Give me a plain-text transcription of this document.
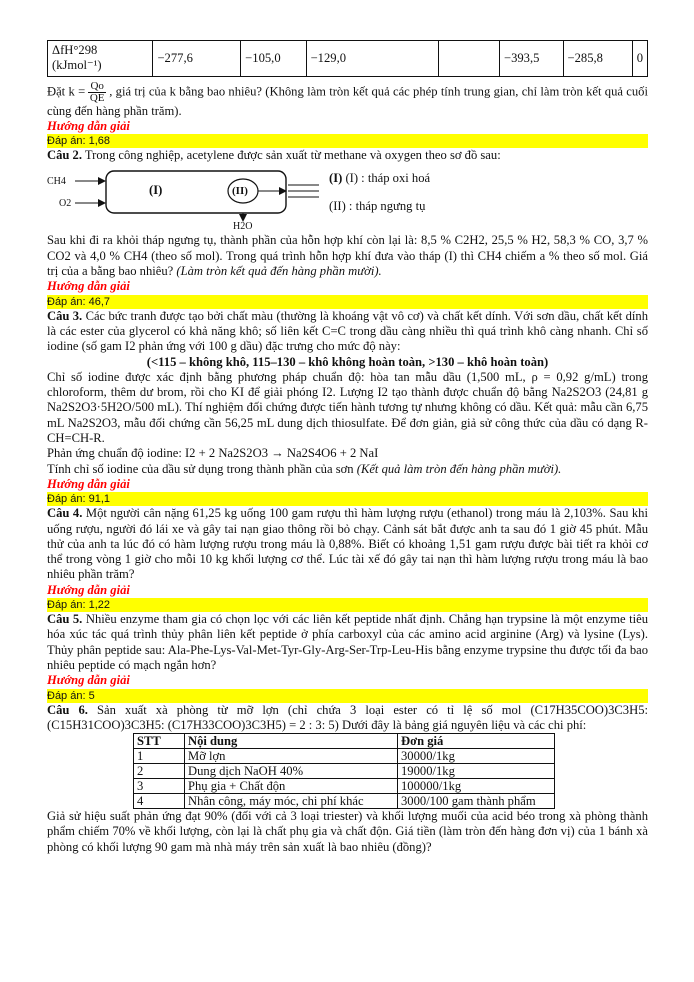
ΔfH°298 (kJmol⁻¹)	−277,6	−105,0	−129,0		−393,5	−285,8	0

Đặt $k = \frac{Qo}{QE}$ , giá trị của k bằng bao nhiêu? (Không làm tròn kết quả các phép tính trung gian, chỉ làm tròn kết quả cuối cùng đến hàng phần trăm).

Hướng dẫn giải
Đáp án: 1,68

Câu 2. Trong công nghiệp, acetylene được sản xuất từ methane và oxygen theo sơ đồ sau:

CH4
O2
(I)	(II)
H2O
(I) (I) : tháp oxi hoá
(II) : tháp ngưng tụ

Sau khi đi ra khỏi tháp ngưng tụ, thành phần của hỗn hợp khí còn lại là: 8,5 % C2H2, 25,5 % H2, 58,3 % CO, 3,7 % CO2 và 4,0 % CH4 (theo số mol). Trong quá trình hỗn hợp khí đưa vào tháp (I) thì CH4 chiếm a % theo số mol. Giá trị của a bằng bao nhiêu? (Làm tròn kết quả đến hàng phần mười).

Hướng dẫn giải
Đáp án: 46,7

Câu 3. Các bức tranh được tạo bởi chất màu (thường là khoáng vật vô cơ) và chất kết dính. Với sơn dầu, chất kết dính là các ester của glycerol có khả năng khô; số liên kết C=C trong dầu càng nhiều thì quá trình khô càng nhanh. Chỉ số iodine (số gam I2 phản ứng với 100 g dầu) đặc trưng cho mức độ này:

(<115 – không khô, 115–130 – khô không hoàn toàn, >130 – khô hoàn toàn)

Chỉ số iodine được xác định bằng phương pháp chuẩn độ: hòa tan mẫu dầu (1,500 mL, ρ = 0,92 g/mL) trong chloroform, thêm dư brom, rồi cho KI để giải phóng I2. Lượng I2 tạo thành được chuẩn độ bằng Na2S2O3 (24,81 g Na2S2O3·5H2O/500 mL). Thí nghiệm đối chứng được tiến hành tương tự nhưng không có dầu. Kết quả: mẫu cần 6,75 mL Na2S2O3, mẫu đối chứng cần 56,25 mL dung dịch thiosulfate. Để đơn giản, giả sử công thức của dầu có dạng R-CH=CH-R.

Phản ứng chuẩn độ iodine: I2 + 2 Na2S2O3 → Na2S4O6 + 2 NaI

Tính chỉ số iodine của dầu sử dụng trong thành phần của sơn (Kết quả làm tròn đến hàng phần mười).

Hướng dẫn giải
Đáp án: 91,1

Câu 4. Một người cân nặng 61,25 kg uống 100 gam rượu thì hàm lượng rượu (ethanol) trong máu là 2,103%. Sau khi uống rượu, người đó lái xe và gây tai nạn giao thông rồi bỏ chạy. Cảnh sát bắt được anh ta sau đó 1 giờ 45 phút. Mẫu thử của anh ta lúc đó có hàm lượng rượu trong máu là 0,88%. Biết có khoảng 1,51 gam rượu được bài tiết ra khỏi cơ thể trong vòng 1 giờ cho mỗi 10 kg khối lượng cơ thể. Lúc tài xế đó gây tai nạn thì hàm lượng rượu trong máu là bao nhiêu phần trăm?

Hướng dẫn giải
Đáp án: 1,22

Câu 5. Nhiều enzyme tham gia có chọn lọc với các liên kết peptide nhất định. Chẳng hạn trypsine là một enzyme tiêu hóa xúc tác quá trình thủy phân liên kết peptide ở phía carboxyl của các amino acid arginine (Arg) và lysine (Lys). Thủy phân peptide sau: Ala-Phe-Lys-Val-Met-Tyr-Gly-Arg-Ser-Trp-Leu-His bằng enzyme trypsine thu được tối đa bao nhiêu peptide có mạch ngắn hơn?

Hướng dẫn giải
Đáp án: 5

Câu 6. Sản xuất xà phòng từ mỡ lợn (chỉ chứa 3 loại ester có tỉ lệ số mol (C17H35COO)3C3H5: (C15H31COO)3C3H5: (C17H33COO)3C3H5) = 2 : 3: 5) Dưới đây là bảng giá nguyên liệu và các chi phí:

STT	Nội dung	Đơn giá
1	Mỡ lợn	30000/1kg
2	Dung dịch NaOH 40%	19000/1kg
3	Phụ gia + Chất độn	100000/1kg
4	Nhân công, máy móc, chi phí khác	3000/100 gam thành phẩm

Giả sử hiệu suất phản ứng đạt 90% (đối với cả 3 loại triester) và khối lượng muối của acid béo trong xà phòng thành phẩm chiếm 70% về khối lượng, còn lại là chất phụ gia và chất độn. Giá tiền (làm tròn đến hàng đơn vị) của 1 bánh xà phòng có khối lượng 90 gam mà nhà máy trên sản xuất là bao nhiêu (đồng)?
